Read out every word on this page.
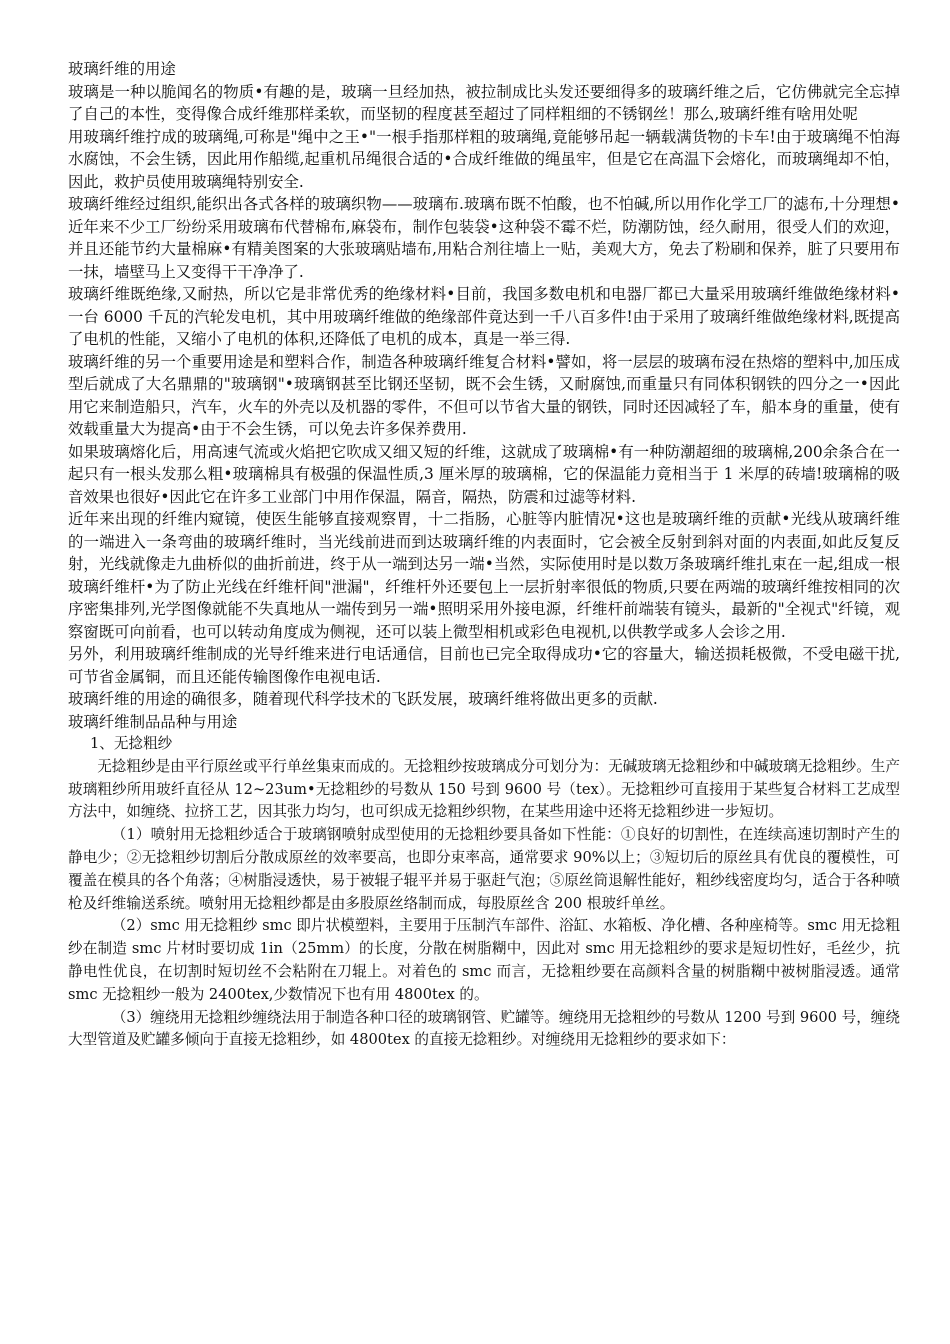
玻璃纤维的用途

玻璃是一种以脆闻名的物质•有趣的是，玻璃一旦经加热，被拉制成比头发还要细得多的玻璃纤维之后，它仿佛就完全忘掉了自己的本性，变得像合成纤维那样柔软，而坚韧的程度甚至超过了同样粗细的不锈钢丝！那么,玻璃纤维有啥用处呢

用玻璃纤维拧成的玻璃绳,可称是"绳中之王•"一根手指那样粗的玻璃绳,竟能够吊起一辆载满货物的卡车!由于玻璃绳不怕海水腐蚀，不会生锈，因此用作船缆,起重机吊绳很合适的•合成纤维做的绳虽牢，但是它在高温下会熔化，而玻璃绳却不怕，因此，救护员使用玻璃绳特别安全.

玻璃纤维经过组织,能织出各式各样的玻璃织物——玻璃布.玻璃布既不怕酸，也不怕碱,所以用作化学工厂的滤布,十分理想•近年来不少工厂纷纷采用玻璃布代替棉布,麻袋布，制作包装袋•这种袋不霉不烂，防潮防蚀，经久耐用，很受人们的欢迎，并且还能节约大量棉麻•有精美图案的大张玻璃贴墙布,用粘合剂往墙上一贴，美观大方，免去了粉刷和保养，脏了只要用布一抹，墙壁马上又变得干干净净了.

玻璃纤维既绝缘,又耐热，所以它是非常优秀的绝缘材料•目前，我国多数电机和电器厂都已大量采用玻璃纤维做绝缘材料•一台 6000 千瓦的汽轮发电机，其中用玻璃纤维做的绝缘部件竟达到一千八百多件!由于采用了玻璃纤维做绝缘材料,既提高了电机的性能，又缩小了电机的体积,还降低了电机的成本，真是一举三得.

玻璃纤维的另一个重要用途是和塑料合作，制造各种玻璃纤维复合材料•譬如，将一层层的玻璃布浸在热熔的塑料中,加压成型后就成了大名鼎鼎的"玻璃钢"•玻璃钢甚至比钢还坚韧，既不会生锈，又耐腐蚀,而重量只有同体积钢铁的四分之一•因此用它来制造船只，汽车，火车的外壳以及机器的零件，不但可以节省大量的钢铁，同时还因减轻了车，船本身的重量，使有效载重量大为提高•由于不会生锈，可以免去许多保养费用.

如果玻璃熔化后，用高速气流或火焰把它吹成又细又短的纤维，这就成了玻璃棉•有一种防潮超细的玻璃棉,200余条合在一起只有一根头发那么粗•玻璃棉具有极强的保温性质,3 厘米厚的玻璃棉，它的保温能力竟相当于 1 米厚的砖墙!玻璃棉的吸音效果也很好•因此它在许多工业部门中用作保温，隔音，隔热，防震和过滤等材料.

近年来出现的纤维内窥镜，使医生能够直接观察胃，十二指肠，心脏等内脏情况•这也是玻璃纤维的贡献•光线从玻璃纤维的一端进入一条弯曲的玻璃纤维时，当光线前进而到达玻璃纤维的内表面时，它会被全反射到斜对面的内表面,如此反复反射，光线就像走九曲桥似的曲折前进，终于从一端到达另一端•当然，实际使用时是以数万条玻璃纤维扎束在一起,组成一根玻璃纤维杆•为了防止光线在纤维杆间"泄漏"，纤维杆外还要包上一层折射率很低的物质,只要在两端的玻璃纤维按相同的次序密集排列,光学图像就能不失真地从一端传到另一端•照明采用外接电源，纤维杆前端装有镜头，最新的"全视式"纤镜，观察窗既可向前看，也可以转动角度成为侧视，还可以装上微型相机或彩色电视机,以供教学或多人会诊之用.

另外，利用玻璃纤维制成的光导纤维来进行电话通信，目前也已完全取得成功•它的容量大，输送损耗极微，不受电磁干扰,可节省金属铜，而且还能传输图像作电视电话.

玻璃纤维的用途的确很多，随着现代科学技术的飞跃发展，玻璃纤维将做出更多的贡献.

玻璃纤维制品品种与用途

1、无捻粗纱

无捻粗纱是由平行原丝或平行单丝集束而成的。无捻粗纱按玻璃成分可划分为：无碱玻璃无捻粗纱和中碱玻璃无捻粗纱。生产玻璃粗纱所用玻纤直径从 12~23um•无捻粗纱的号数从 150 号到 9600 号（tex）。无捻粗纱可直接用于某些复合材料工艺成型方法中，如缠绕、拉挤工艺，因其张力均匀，也可织成无捻粗纱织物，在某些用途中还将无捻粗纱进一步短切。

（1）喷射用无捻粗纱适合于玻璃钢喷射成型使用的无捻粗纱要具备如下性能：①良好的切割性，在连续高速切割时产生的静电少；②无捻粗纱切割后分散成原丝的效率要高，也即分束率高，通常要求 90%以上；③短切后的原丝具有优良的覆模性，可覆盖在模具的各个角落；④树脂浸透快，易于被辊子辊平并易于驱赶气泡；⑤原丝筒退解性能好，粗纱线密度均匀，适合于各种喷枪及纤维输送系统。喷射用无捻粗纱都是由多股原丝络制而成，每股原丝含 200 根玻纤单丝。

（2）smc 用无捻粗纱 smc 即片状模塑料，主要用于压制汽车部件、浴缸、水箱板、净化槽、各种座椅等。smc 用无捻粗纱在制造 smc 片材时要切成 1in（25mm）的长度，分散在树脂糊中，因此对 smc 用无捻粗纱的要求是短切性好，毛丝少，抗静电性优良，在切割时短切丝不会粘附在刀辊上。对着色的 smc 而言，无捻粗纱要在高颜料含量的树脂糊中被树脂浸透。通常 smc 无捻粗纱一般为 2400tex,少数情况下也有用 4800tex 的。

（3）缠绕用无捻粗纱缠绕法用于制造各种口径的玻璃钢管、贮罐等。缠绕用无捻粗纱的号数从 1200 号到 9600 号，缠绕大型管道及贮罐多倾向于直接无捻粗纱，如 4800tex 的直接无捻粗纱。对缠绕用无捻粗纱的要求如下：
